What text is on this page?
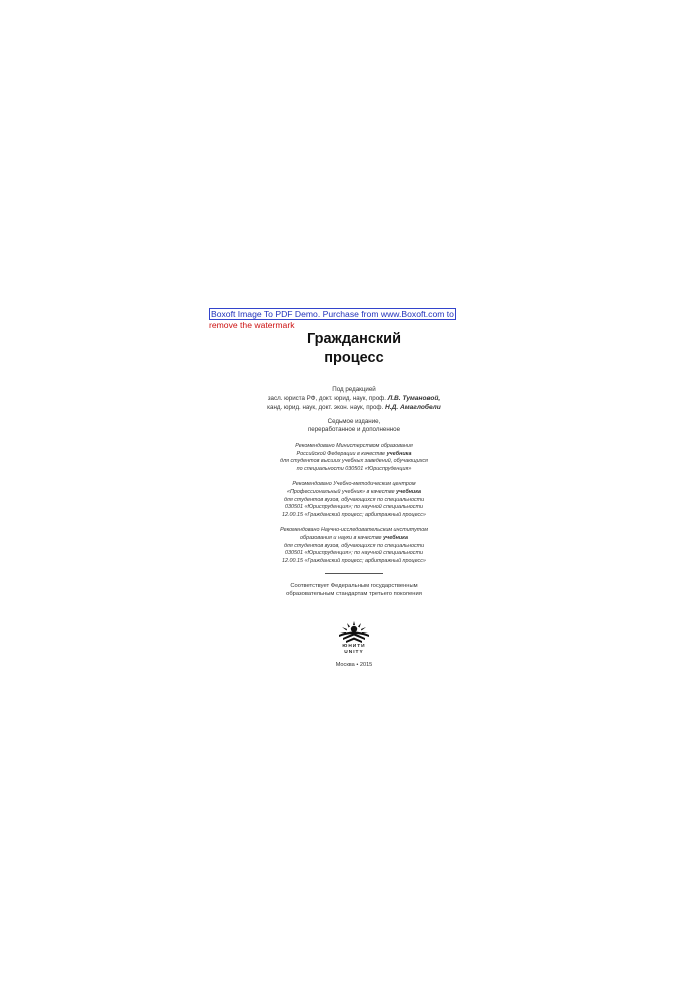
Boxoft Image To PDF Demo. Purchase from www.Boxoft.com to
remove the watermark
Гражданский
процесс
Под редакцией
засл. юриста РФ, докт. юрид. наук, проф. Л.В. Тумановой,
канд. юрид. наук, докт. экон. наук, проф. Н.Д. Амаглобели
Седьмое издание,
переработанное и дополненное
Рекомендовано Министерством образования
Российской Федерации в качестве учебника
для студентов высших учебных заведений, обучающихся
по специальности 030501 «Юриспруденция»
Рекомендовано Учебно-методическим центром
«Профессиональный учебник» в качестве учебника
для студентов вузов, обучающихся по специальности
030501 «Юриспруденция»; по научной специальности
12.00.15 «Гражданский процесс; арбитражный процесс»
Рекомендовано Научно-исследовательским институтом
образования и науки в качестве учебника
для студентов вузов, обучающихся по специальности
030501 «Юриспруденция»; по научной специальности
12.00.15 «Гражданский процесс; арбитражный процесс»
Соответствует Федеральным государственным
образовательным стандартам третьего поколения
ЮНИТИ
UNITY
Москва • 2015
